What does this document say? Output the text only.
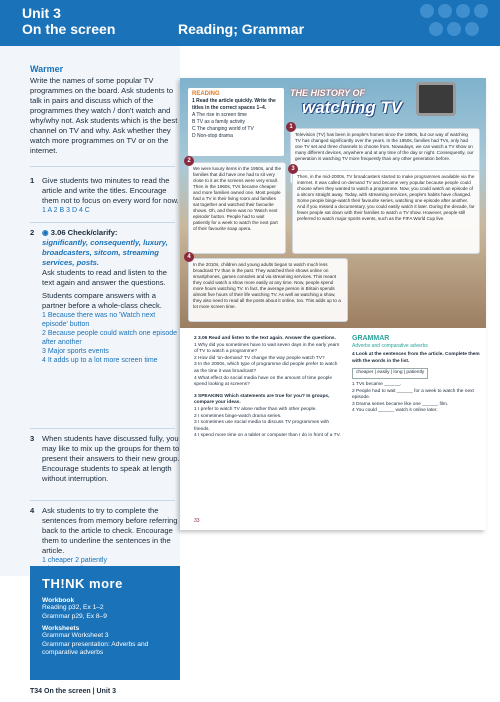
Unit 3
On the screen	Reading; Grammar
Warmer

Write the names of some popular TV programmes on the board. Ask students to talk in pairs and discuss which of the programmes they watch / don't watch and why/why not. Ask students which is the best channel on TV and why. Ask whether they watch more programmes on TV or on the internet.

1 Give students two minutes to read the article and write the titles. Encourage them not to focus on every word for now.

1 A 2 B 3 D 4 C

2 ◉ 3.06 Check/clarify:

significantly, consequently, luxury, broadcasters, sitcom, streaming services, posts.

Ask students to read and listen to the text again and answer the questions.

Students compare answers with a partner before a whole-class check.

1 Because there was no 'Watch next episode' button

2 Because people could watch one episode after another

3 Major sports events

4 It adds up to a lot more screen time

3 When students have discussed fully, you may like to mix up the groups for them to present their answers to their new group. Encourage students to speak at length without interruption.

4 Ask students to try to complete the sentences from memory before referring back to the article to check. Encourage them to underline the sentences in the article.

1 cheaper 2 patiently

READING

1 Read the article quickly. Write the titles in the correct spaces 1–4.

A The rise in screen time

B TV as a family activity

C The changing world of TV

D Non-stop drama

THE HISTORY OF
watching TV

Television (TV) has been in people's homes since the 1950s, but our way of watching TV has changed significantly over the years. In the 1950s, families had TVs, only had one TV set and three channels to choose from. Nowadays, we can watch a TV show on many different devices, anywhere and at any time of the day or night. Consequently, our generation is watching TV more frequently than any other generation before.

1

We were luxury items in the 1950s, and the families that did have one had to sit very close to it as the screens were very small. Then in the 1960s, TVs became cheaper and more families owned one. Most people had a TV in their living room and families sat together and watched their favourite shows. Oh, and there was no 'Watch next episode' button. People had to wait patiently for a week to watch the next part of their favourite soap opera.

2

Then, in the mid-2000s, TV broadcasters started to make programmes available via the internet. It was called on-demand TV and became very popular because people could choose when they wanted to watch a programme. Now, you could watch an episode of a sitcom straight away. Today, with streaming services, people's habits have changed. Some people binge-watch their favourite series, watching one episode after another. And if you missed a documentary, you could easily watch it later. During the decade, far fewer people sat down with their families to watch a TV show. However, people still preferred to watch major sports events, such as the FIFA World Cup live.

3

In the 2010s, children and young adults began to watch much less broadcast TV than in the past. They watched their shows online on smartphones, games consoles and via streaming services. This meant they could watch a show more easily at any time. Now, people spend more hours watching TV. In fact, the average person in Britain spends almost five hours of their life watching TV. As well as watching a show, they also need to read all the posts about it online, too. This adds up to a lot more screen time.

4

2 3.06 Read and listen to the text again. Answer the questions.

1 Why did you sometimes have to wait seven days in the early years of TV to watch a programme?

2 How did 'on-demand' TV change the way people watch TV?

3 In the 2000s, which type of programme did people prefer to watch as the time it was broadcast?

4 What effect do social media have on the amount of time people spend looking at screens?

3 SPEAKING Which statements are true for you? In groups, compare your ideas.

1 I prefer to watch TV alone rather than with other people.

2 I sometimes binge-watch drama series.

3 I sometimes use social media to discuss TV programmes with friends.

4 I spend more time on a tablet or computer than I do in front of a TV.

GRAMMAR

Adverbs and comparative adverbs

4 Look at the sentences from the article. Complete them with the words in the list.

cheaper | easily | long | patiently

1 TVs became ______.

2 People had to wait ______ for a week to watch the next episode.

3 Drama series became like one ______ film.

4 You could ______ watch it online later.

33
TH!NK more

Workbook

Reading p32, Ex 1–2

Grammar p29, Ex 8–9

Worksheets

Grammar Worksheet 3

Grammar presentation: Adverbs and comparative adverbs

T34 On the screen | Unit 3
